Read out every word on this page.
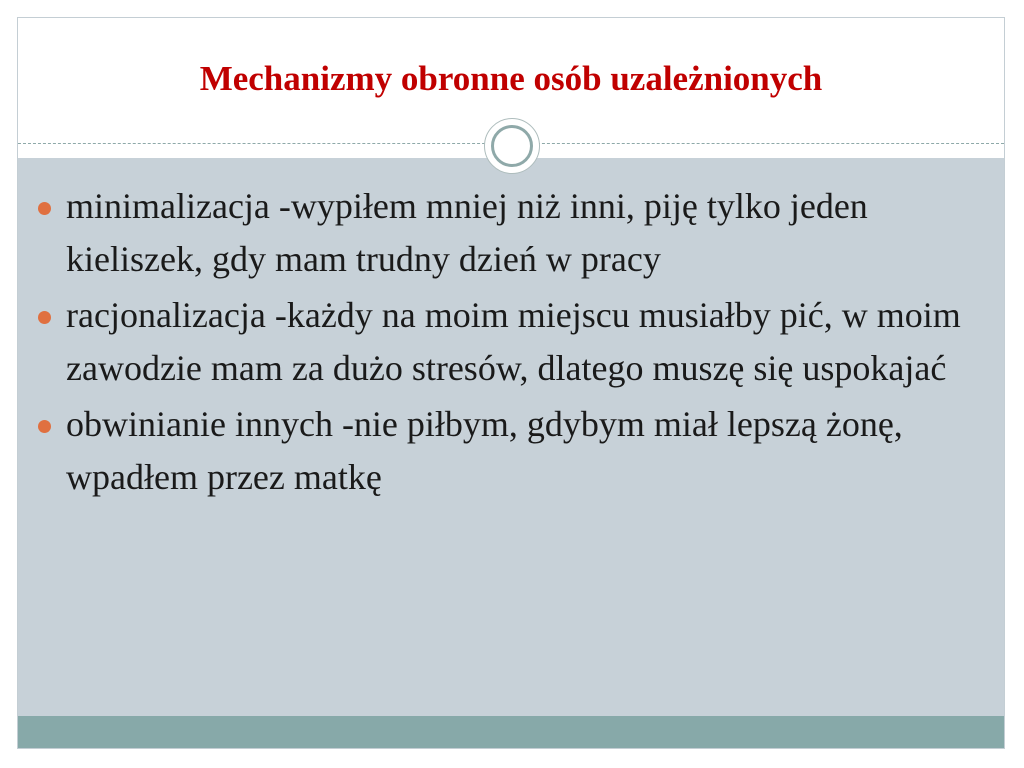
Mechanizmy obronne osób uzależnionych
minimalizacja -wypiłem mniej niż inni, piję tylko jeden kieliszek, gdy mam trudny dzień w pracy
racjonalizacja -każdy na moim miejscu musiałby pić, w moim zawodzie mam za dużo stresów, dlatego muszę się uspokajać
obwinianie innych -nie piłbym, gdybym miał lepszą żonę, wpadłem przez matkę
